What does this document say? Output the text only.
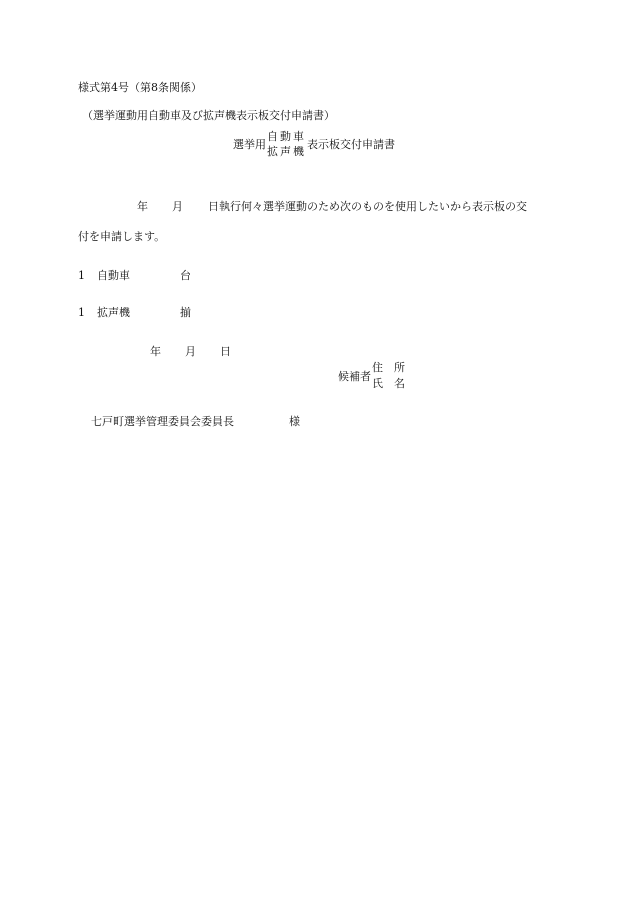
様式第4号（第8条関係）
（選挙運動用自動車及び拡声機表示板交付申請書）
選挙用
自動車
拡声機
表示板交付申請書
年 月 日執行何々選挙運動のため次のものを使用したいから表示板の交
付を申請します。
1 自動車	台
1 拡声機	揃
年 月 日
候補者
住　所
氏　名
七戸町選挙管理委員会委員長	様
